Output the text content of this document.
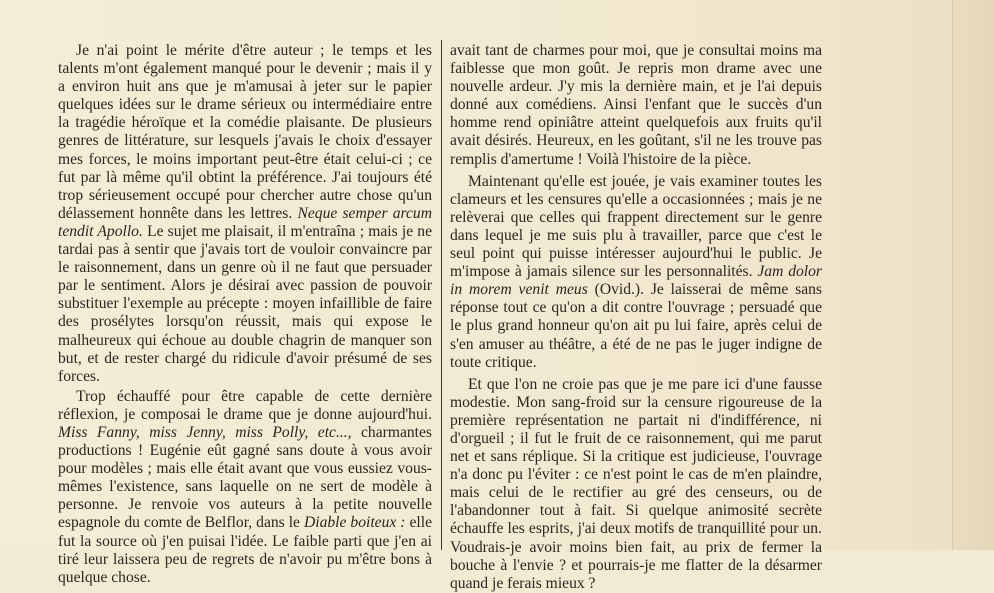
Je n'ai point le mérite d'être auteur ; le temps et les talents m'ont également manqué pour le devenir ; mais il y a environ huit ans que je m'amusai à jeter sur le papier quelques idées sur le drame sérieux ou intermédiaire entre la tragédie héroïque et la comédie plaisante. De plusieurs genres de littérature, sur lesquels j'avais le choix d'essayer mes forces, le moins important peut-être était celui-ci ; ce fut par là même qu'il obtint la préférence. J'ai toujours été trop sérieusement occupé pour chercher autre chose qu'un délassement honnête dans les lettres. Neque semper arcum tendit Apollo. Le sujet me plaisait, il m'entraîna ; mais je ne tardai pas à sentir que j'avais tort de vouloir convaincre par le raisonnement, dans un genre où il ne faut que persuader par le sentiment. Alors je désirai avec passion de pouvoir substituer l'exemple au précepte : moyen infaillible de faire des prosélytes lorsqu'on réussit, mais qui expose le malheureux qui échoue au double chagrin de manquer son but, et de rester chargé du ridicule d'avoir présumé de ses forces.

Trop échauffé pour être capable de cette dernière réflexion, je composai le drame que je donne aujourd'hui. Miss Fanny, miss Jenny, miss Polly, etc..., charmantes productions ! Eugénie eût gagné sans doute à vous avoir pour modèles ; mais elle était avant que vous eussiez vous-mêmes l'existence, sans laquelle on ne sert de modèle à personne. Je renvoie vos auteurs à la petite nouvelle espagnole du comte de Belflor, dans le Diable boiteux : elle fut la source où j'en puisai l'idée. Le faible parti que j'en ai tiré leur laissera peu de regrets de n'avoir pu m'être bons à quelque chose.

avait tant de charmes pour moi, que je consultai moins ma faiblesse que mon goût. Je repris mon drame avec une nouvelle ardeur. J'y mis la dernière main, et je l'ai depuis donné aux comédiens. Ainsi l'enfant que le succès d'un homme rend opiniâtre atteint quelquefois aux fruits qu'il avait désirés. Heureux, en les goûtant, s'il ne les trouve pas remplis d'amertume ! Voilà l'histoire de la pièce.

Maintenant qu'elle est jouée, je vais examiner toutes les clameurs et les censures qu'elle a occasionnées ; mais je ne relèverai que celles qui frappent directement sur le genre dans lequel je me suis plu à travailler, parce que c'est le seul point qui puisse intéresser aujourd'hui le public. Je m'impose à jamais silence sur les personnalités. Jam dolor in morem venit meus (Ovid.). Je laisserai de même sans réponse tout ce qu'on a dit contre l'ouvrage ; persuadé que le plus grand honneur qu'on ait pu lui faire, après celui de s'en amuser au théâtre, a été de ne pas le juger indigne de toute critique.

Et que l'on ne croie pas que je me pare ici d'une fausse modestie. Mon sang-froid sur la censure rigoureuse de la première représentation ne partait ni d'indifférence, ni d'orgueil ; il fut le fruit de ce raisonnement, qui me parut net et sans réplique. Si la critique est judicieuse, l'ouvrage n'a donc pu l'éviter : ce n'est point le cas de m'en plaindre, mais celui de le rectifier au gré des censeurs, ou de l'abandonner tout à fait. Si quelque animosité secrète échauffe les esprits, j'ai deux motifs de tranquillité pour un. Voudrais-je avoir moins bien fait, au prix de fermer la bouche à l'envie ? et pourrais-je me flatter de la désarmer quand je ferais mieux ?
